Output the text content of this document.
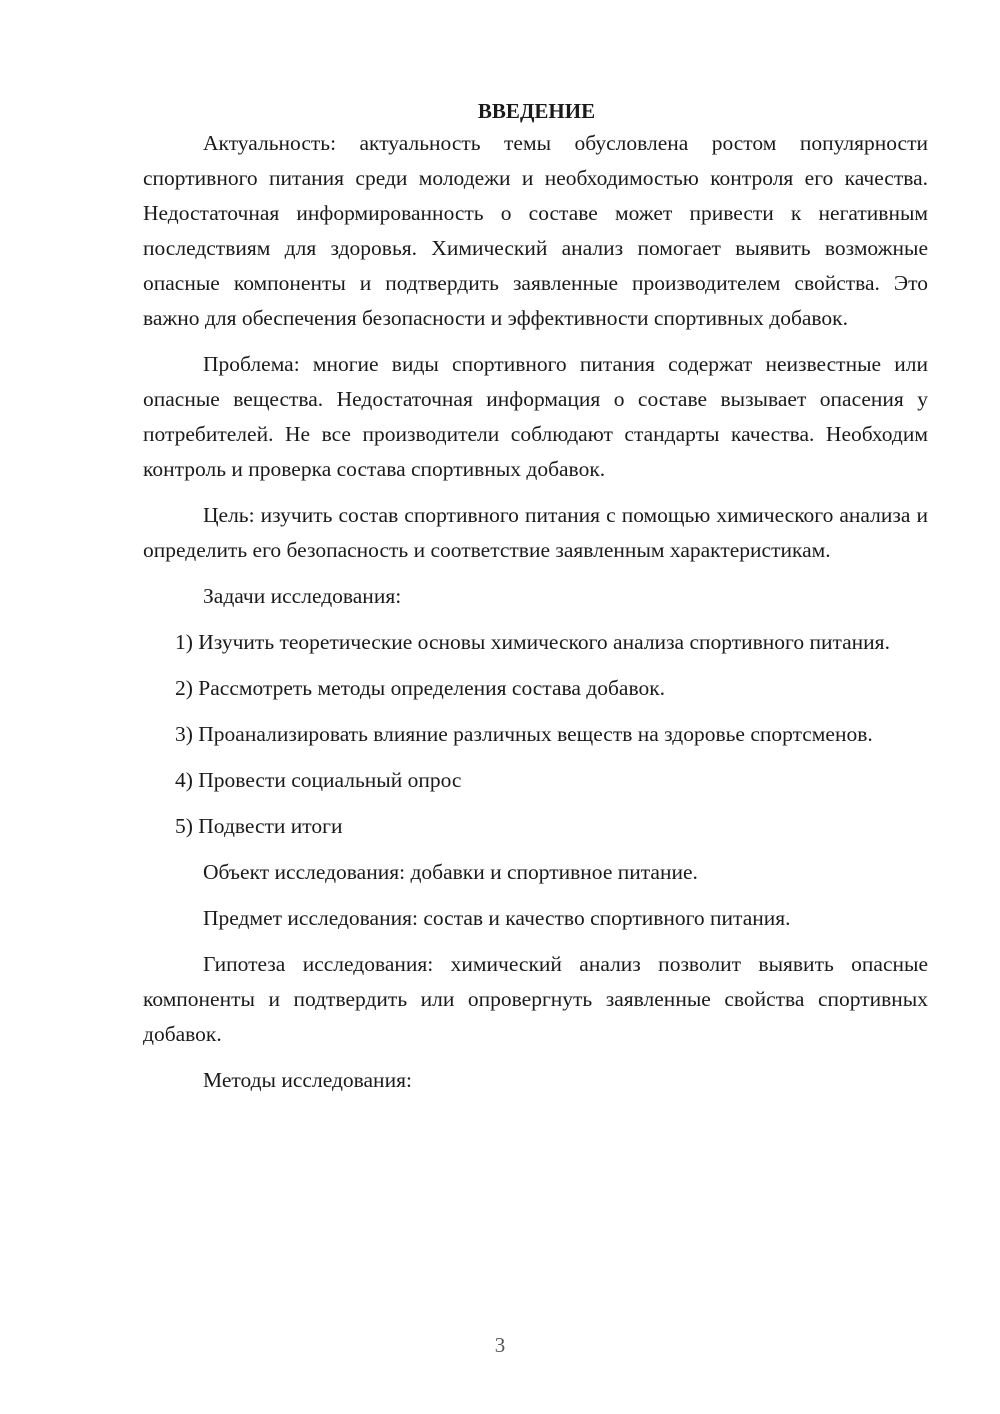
ВВЕДЕНИЕ

Актуальность: актуальность темы обусловлена ростом популярности спортивного питания среди молодежи и необходимостью контроля его качества. Недостаточная информированность о составе может привести к негативным последствиям для здоровья. Химический анализ помогает выявить возможные опасные компоненты и подтвердить заявленные производителем свойства. Это важно для обеспечения безопасности и эффективности спортивных добавок.

Проблема: многие виды спортивного питания содержат неизвестные или опасные вещества. Недостаточная информация о составе вызывает опасения у потребителей. Не все производители соблюдают стандарты качества. Необходим контроль и проверка состава спортивных добавок.

Цель: изучить состав спортивного питания с помощью химического анализа и определить его безопасность и соответствие заявленным характеристикам.

Задачи исследования:

1) Изучить теоретические основы химического анализа спортивного питания.

2) Рассмотреть методы определения состава добавок.

3) Проанализировать влияние различных веществ на здоровье спортсменов.

4) Провести социальный опрос

5) Подвести итоги

Объект исследования: добавки и спортивное питание.

Предмет исследования: состав и качество спортивного питания.

Гипотеза исследования: химический анализ позволит выявить опасные компоненты и подтвердить или опровергнуть заявленные свойства спортивных добавок.

Методы исследования:

3
